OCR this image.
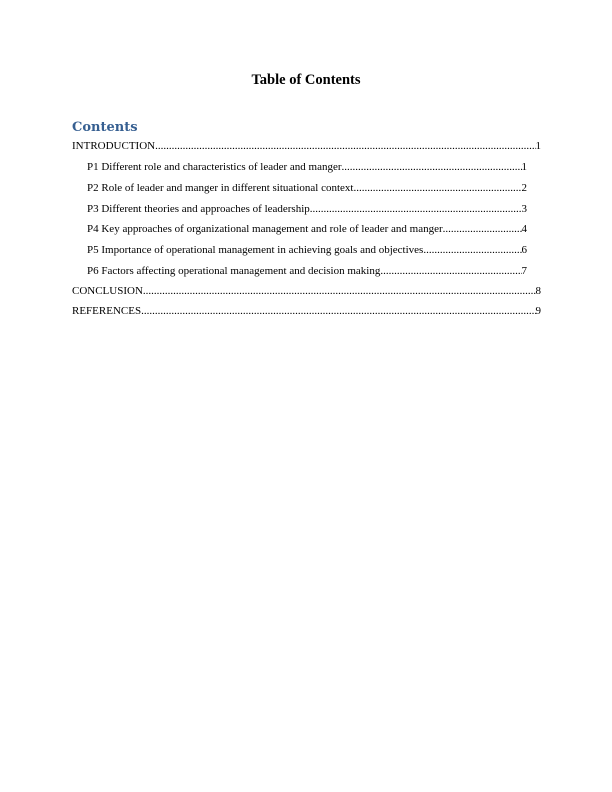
Table of Contents
Contents
INTRODUCTION .....	1
P1 Different role and characteristics of leader and manger .....	1
P2 Role of leader and manger in different situational context .....	2
P3 Different theories and approaches of leadership .....	3
P4 Key approaches of organizational management and role of leader and manger .....	4
P5 Importance of operational management in achieving goals and objectives .....	6
P6 Factors affecting operational management and decision making .....	7
CONCLUSION .....	8
REFERENCES .....	9
